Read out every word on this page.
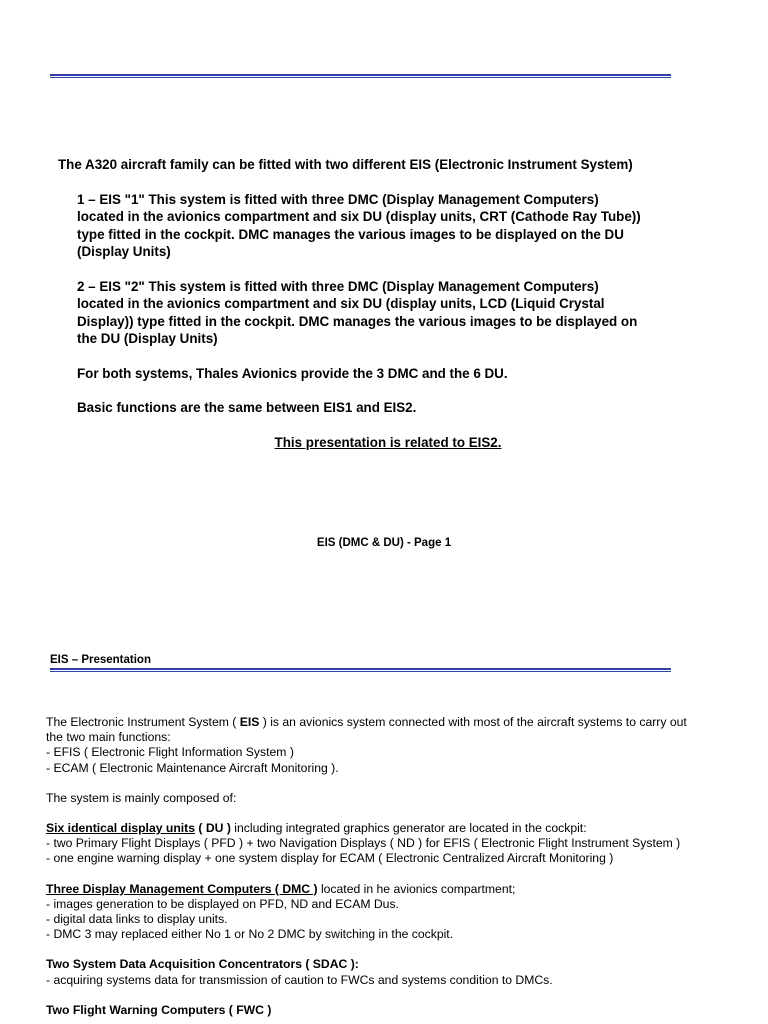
The A320 aircraft family can be fitted with two different EIS (Electronic Instrument System)

1 – EIS "1" This system is fitted with three DMC (Display Management Computers)

located in the avionics compartment and six DU (display units, CRT (Cathode Ray Tube))

type fitted in the cockpit. DMC manages the various images to be displayed on the DU

(Display Units)

2 – EIS "2" This system is fitted with three DMC (Display Management Computers)

located in the avionics compartment and six DU (display units, LCD (Liquid Crystal

Display)) type fitted in the cockpit. DMC manages the various images to be displayed on

the DU (Display Units)

For both systems, Thales Avionics provide the 3 DMC and the 6 DU.

Basic functions are the same between EIS1 and EIS2.

This presentation is related to EIS2.

EIS (DMC & DU) - Page 1
EIS – Presentation

The Electronic Instrument System ( EIS ) is an avionics system connected with most of the aircraft systems to carry out

the two main functions:

- EFIS ( Electronic Flight Information System )

- ECAM ( Electronic Maintenance Aircraft Monitoring ).

The system is mainly composed of:

Six identical display units ( DU ) including integrated graphics generator are located in the cockpit:

- two Primary Flight Displays ( PFD ) + two Navigation Displays ( ND ) for EFIS ( Electronic Flight Instrument System )

- one engine warning display + one system display for ECAM ( Electronic Centralized Aircraft Monitoring )

Three Display Management Computers ( DMC ) located in he avionics compartment;

- images generation to be displayed on PFD, ND and ECAM Dus.

- digital data links to display units.

- DMC 3 may replaced either No 1 or No 2 DMC by switching in the cockpit.

Two System Data Acquisition Concentrators ( SDAC ):

- acquiring systems data for transmission of caution to FWCs and systems condition to DMCs.

Two Flight Warning Computers ( FWC )
